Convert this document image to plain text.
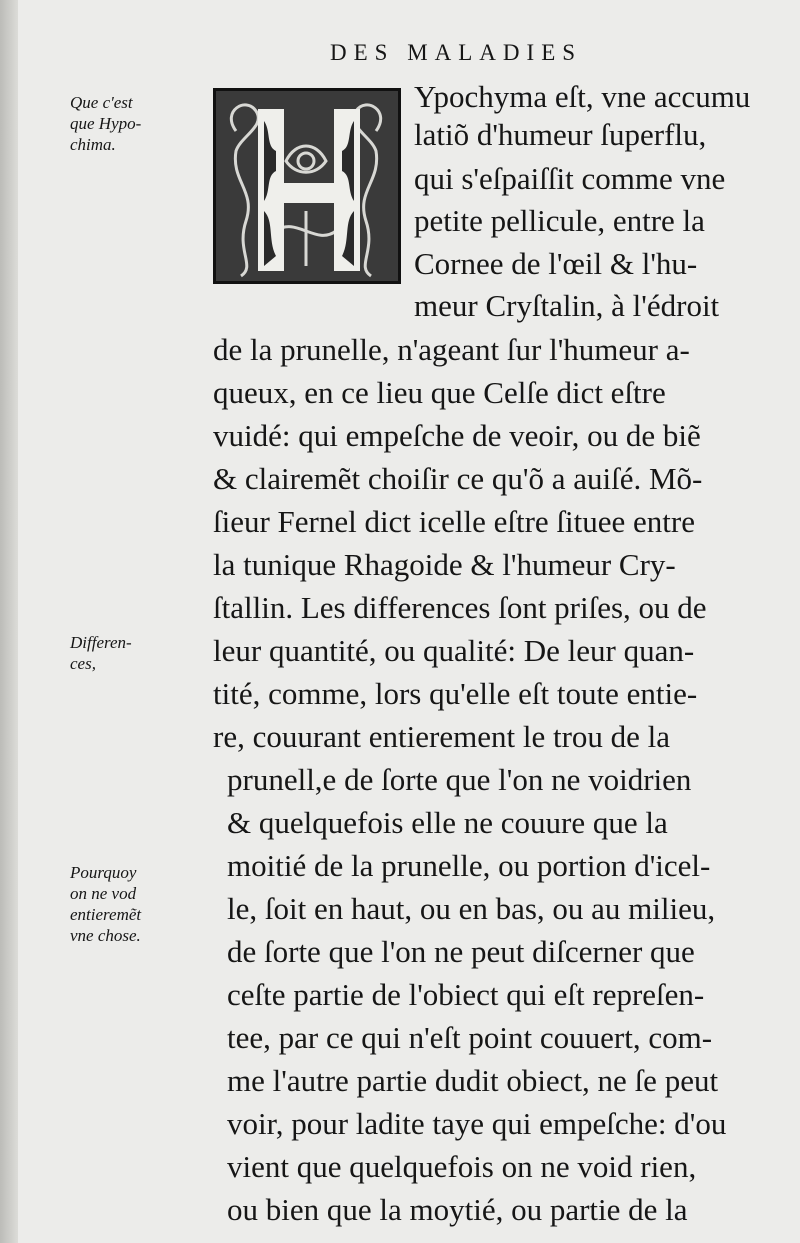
DES MALADIES
Que c'est
que Hypo-
chima.
Differen-
ces,
Pourquoy
on ne vod
entieremẽt
vne chose.
Ypochyma eſt, vne accumu
latiõ d'humeur ſuperflu,
qui s'eſpaiſſit comme vne
petite pellicule, entre la
Cornee de l'œil & l'hu-
meur Cryſtalin, à l'édroit
de la prunelle, n'ageant ſur l'humeur a-
queux, en ce lieu que Celſe dict eſtre
vuidé: qui empeſche de veoir, ou de biẽ
& clairemẽt choiſir ce qu'õ a auiſé. Mõ-
ſieur Fernel dict icelle eſtre ſituee entre
la tunique Rhagoide & l'humeur Cry-
ſtallin. Les differences ſont priſes, ou de
leur quantité, ou qualité: De leur quan-
tité, comme, lors qu'elle eſt toute entie-
re, couurant entierement le trou de la
prunell,e de ſorte que l'on ne voidrien
& quelquefois elle ne couure que la
moitié de la prunelle, ou portion d'icel-
le, ſoit en haut, ou en bas, ou au milieu,
de ſorte que l'on ne peut diſcerner que
ceſte partie de l'obiect qui eſt repreſen-
tee, par ce qui n'eſt point couuert, com-
me l'autre partie dudit obiect, ne ſe peut
voir, pour ladite taye qui empeſche: d'ou
vient que quelquefois on ne void rien,
ou bien que la moytié, ou partie de la
